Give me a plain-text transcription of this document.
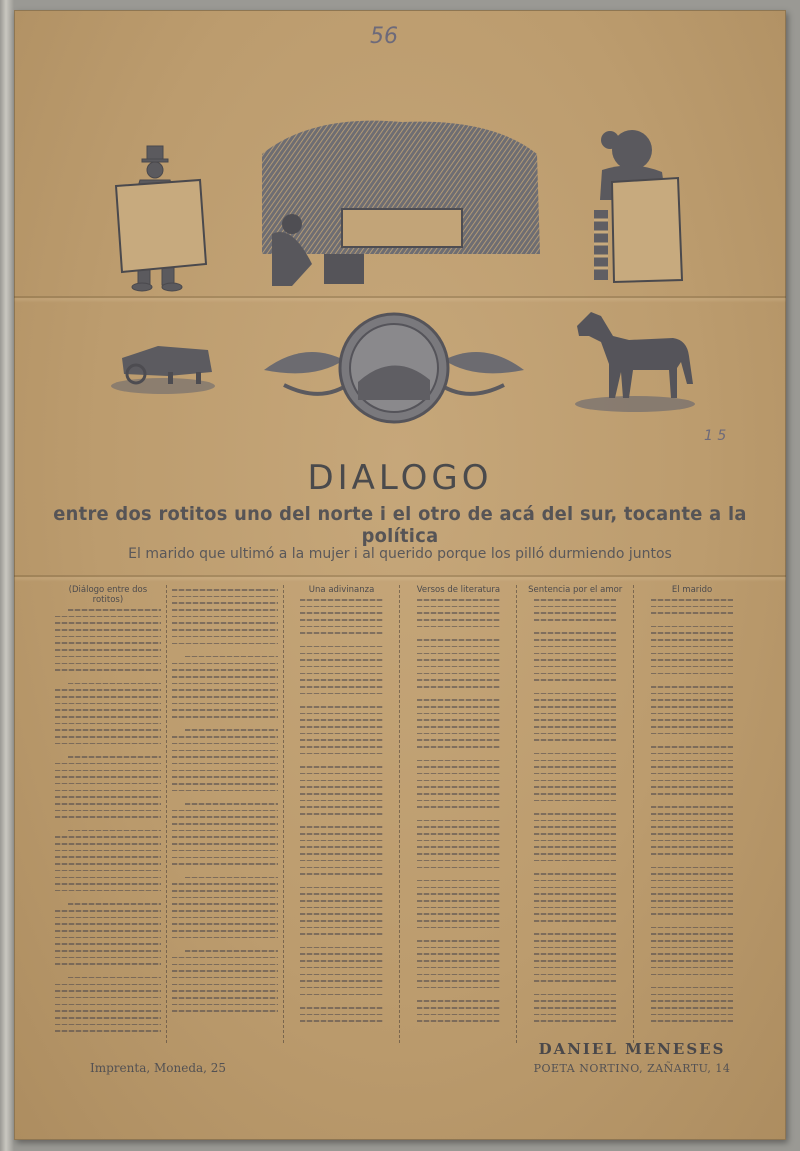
56
1 5
DIALOGO
entre dos rotitos uno del norte i el otro de acá del sur, tocante a la política
El marido que ultimó a la mujer i al querido porque los pilló durmiendo juntos
(Diálogo entre dos rotitos)
Una adivinanza	Versos de literatura	Sentencia por el amor	El marido
Imprenta, Moneda, 25
DANIEL MENESES
POETA NORTINO, ZAÑARTU, 14
